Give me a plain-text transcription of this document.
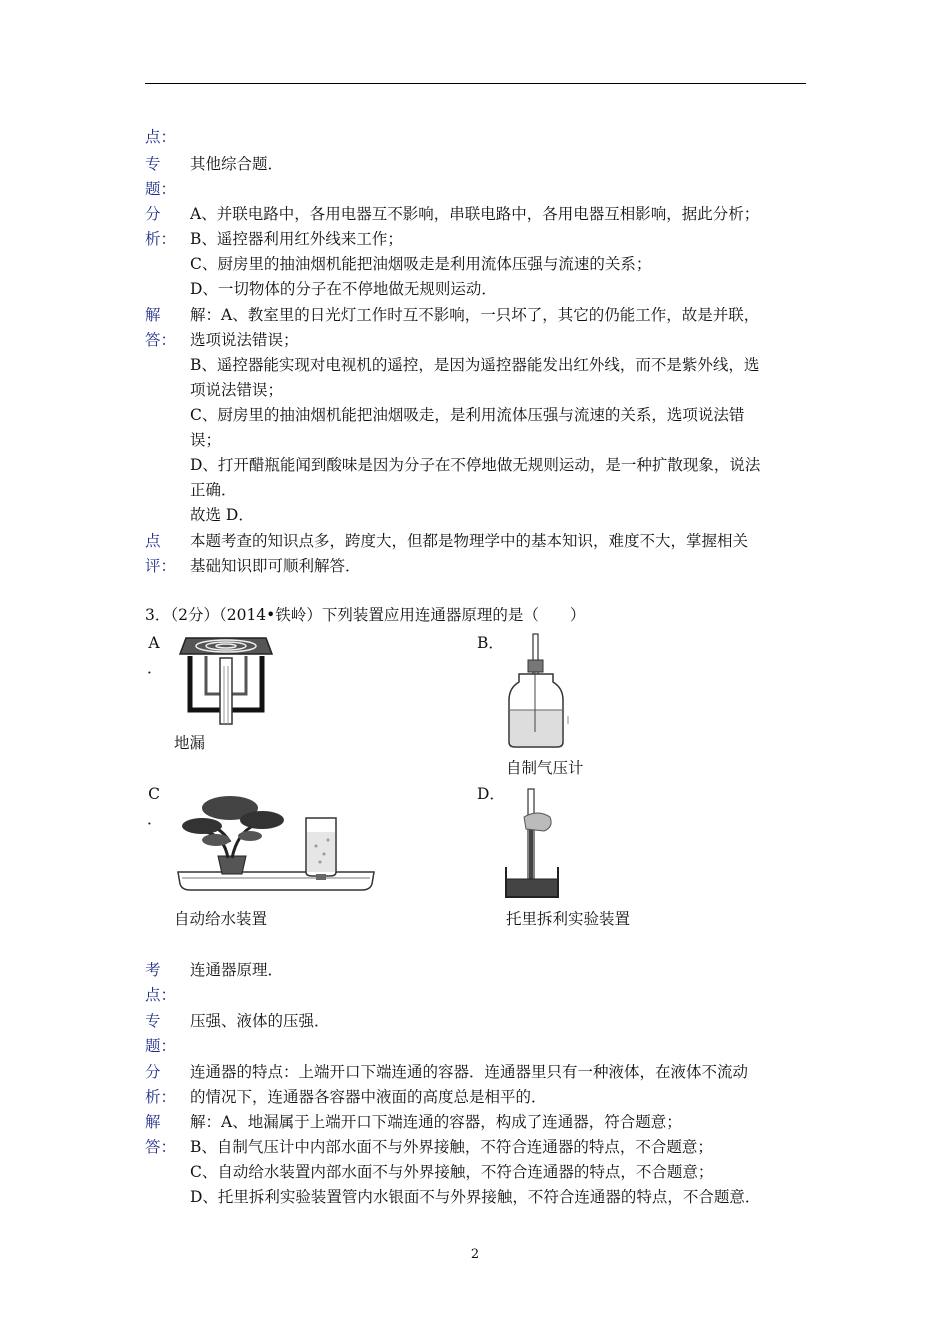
点：
专
题：
其他综合题．
分
析：
A、并联电路中，各用电器互不影响，串联电路中，各用电器互相影响，据此分析；
B、遥控器利用红外线来工作；
C、厨房里的抽油烟机能把油烟吸走是利用流体压强与流速的关系；
D、一切物体的分子在不停地做无规则运动．
解
答：
解：A、教室里的日光灯工作时互不影响，一只坏了，其它的仍能工作，故是并联，
选项说法错误；
B、遥控器能实现对电视机的遥控，是因为遥控器能发出红外线，而不是紫外线，选
项说法错误；
C、厨房里的抽油烟机能把油烟吸走，是利用流体压强与流速的关系，选项说法错
误；
D、打开醋瓶能闻到酸味是因为分子在不停地做无规则运动，是一种扩散现象，说法
正确．
故选 D．
点
评：
本题考查的知识点多，跨度大，但都是物理学中的基本知识，难度不大，掌握相关
基础知识即可顺利解答．
3．（2分）（2014•铁岭）下列装置应用连通器原理的是（　　）
A
．
地漏
B．
自制气压计
C
．
自动给水装置
D．
托里拆利实验装置
考
点：
连通器原理．
专
题：
压强、液体的压强．
分
析：
连通器的特点：上端开口下端连通的容器．连通器里只有一种液体，在液体不流动
的情况下，连通器各容器中液面的高度总是相平的．
解
答：
解：A、地漏属于上端开口下端连通的容器，构成了连通器，符合题意；
B、自制气压计中内部水面不与外界接触，不符合连通器的特点，不合题意；
C、自动给水装置内部水面不与外界接触，不符合连通器的特点，不合题意；
D、托里拆利实验装置管内水银面不与外界接触，不符合连通器的特点，不合题意．
2
